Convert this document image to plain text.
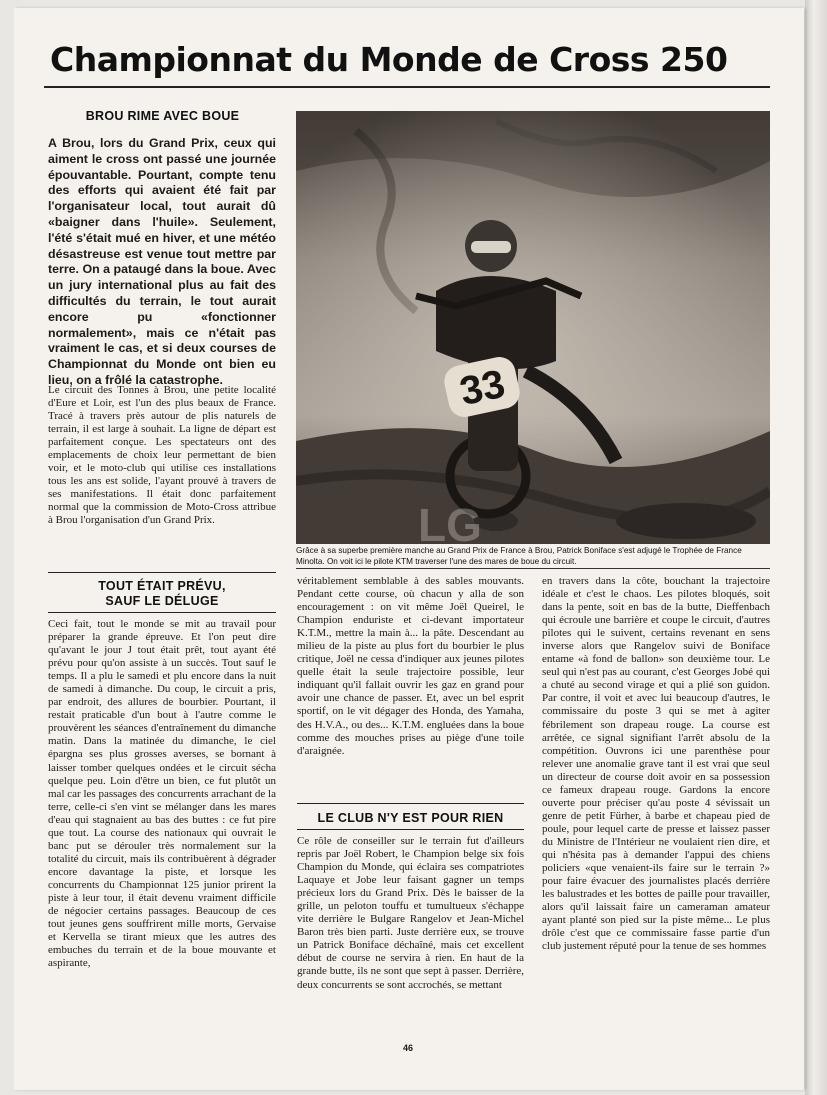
Championnat du Monde de Cross 250
BROU RIME AVEC BOUE

A Brou, lors du Grand Prix, ceux qui aiment le cross ont passé une journée épouvantable. Pourtant, compte tenu des efforts qui avaient été fait par l'organisateur local, tout aurait dû «baigner dans l'huile». Seulement, l'été s'était mué en hiver, et une météo désastreuse est venue tout mettre par terre. On a pataugé dans la boue. Avec un jury international plus au fait des difficultés du terrain, le tout aurait encore pu «fonctionner normalement», mais ce n'était pas vraiment le cas, et si deux courses de Championnat du Monde ont bien eu lieu, on a frôlé la catastrophe.

Le circuit des Tonnes à Brou, une petite localité d'Eure et Loir, est l'un des plus beaux de France. Tracé à travers près autour de plis naturels de terrain, il est large à souhait. La ligne de départ est parfaitement conçue. Les spectateurs ont des emplacements de choix leur permettant de bien voir, et le moto-club qui utilise ces installations tous les ans est solide, l'ayant prouvé à travers de ses manifestations. Il était donc parfaitement normal que la commission de Moto-Cross attribue à Brou l'organisation d'un Grand Prix.

33
LG

Grâce à sa superbe première manche au Grand Prix de France à Brou, Patrick Boniface s'est adjugé le Trophée de France Minolta. On voit ici le pilote KTM traverser l'une des mares de boue du circuit.

TOUT ÉTAIT PRÉVU,
SAUF LE DÉLUGE

Ceci fait, tout le monde se mit au travail pour préparer la grande épreuve. Et l'on peut dire qu'avant le jour J tout était prêt, tout ayant été prévu pour qu'on assiste à un succès. Tout sauf le temps. Il a plu le samedi et plu encore dans la nuit de samedi à dimanche. Du coup, le circuit a pris, par endroit, des allures de bourbier. Pourtant, il restait praticable d'un bout à l'autre comme le prouvèrent les séances d'entraînement du dimanche matin. Dans la matinée du dimanche, le ciel épargna ses plus grosses averses, se bornant à laisser tomber quelques ondées et le circuit sécha quelque peu. Loin d'être un bien, ce fut plutôt un mal car les passages des concurrents arrachant de la terre, celle-ci s'en vint se mélanger dans les mares d'eau qui stagnaient au bas des buttes : ce fut pire que tout. La course des nationaux qui ouvrait le banc put se dérouler très normalement sur la totalité du circuit, mais ils contribuèrent à dégrader encore davantage la piste, et lorsque les concurrents du Championnat 125 junior prirent la piste à leur tour, il était devenu vraiment difficile de négocier certains passages. Beaucoup de ces tout jeunes gens souffrirent mille morts, Gervaise et Kervella se tirant mieux que les autres des embuches du terrain et de la boue mouvante et aspirante,

véritablement semblable à des sables mouvants. Pendant cette course, où chacun y alla de son encouragement : on vit même Joël Queirel, le Champion enduriste et ci-devant importateur K.T.M., mettre la main à... la pâte. Descendant au milieu de la piste au plus fort du bourbier le plus critique, Joël ne cessa d'indiquer aux jeunes pilotes quelle était la seule trajectoire possible, leur indiquant qu'il fallait ouvrir les gaz en grand pour avoir une chance de passer. Et, avec un bel esprit sportif, on le vit dégager des Honda, des Yamaha, des H.V.A., ou des... K.T.M. engluées dans la boue comme des mouches prises au piège d'une toile d'araignée.

LE CLUB N'Y EST POUR RIEN

Ce rôle de conseiller sur le terrain fut d'ailleurs repris par Joël Robert, le Champion belge six fois Champion du Monde, qui éclaira ses compatriotes Laquaye et Jobe leur faisant gagner un temps précieux lors du Grand Prix. Dès le baisser de la grille, un peloton touffu et tumultueux s'échappe vite derrière le Bulgare Rangelov et Jean-Michel Baron très bien parti. Juste derrière eux, se trouve un Patrick Boniface déchaîné, mais cet excellent début de course ne servira à rien. En haut de la grande butte, ils ne sont que sept à passer. Derrière, deux concurrents se sont accrochés, se mettant

en travers dans la côte, bouchant la trajectoire idéale et c'est le chaos. Les pilotes bloqués, soit dans la pente, soit en bas de la butte, Dieffenbach qui écroule une barrière et coupe le circuit, d'autres pilotes qui le suivent, certains revenant en sens inverse alors que Rangelov suivi de Boniface entame «à fond de ballon» son deuxième tour. Le seul qui n'est pas au courant, c'est Georges Jobé qui a chuté au second virage et qui a plié son guidon. Par contre, il voit et avec lui beaucoup d'autres, le commissaire du poste 3 qui se met à agiter fébrilement son drapeau rouge. La course est arrêtée, ce signal signifiant l'arrêt absolu de la compétition. Ouvrons ici une parenthèse pour relever une anomalie grave tant il est vrai que seul un directeur de course doit avoir en sa possession ce fameux drapeau rouge. Gardons la encore ouverte pour préciser qu'au poste 4 sévissait un genre de petit Fürher, à barbe et chapeau pied de poule, pour lequel carte de presse et laissez passer du Ministre de l'Intérieur ne voulaient rien dire, et qui n'hésita pas à demander l'appui des chiens policiers «que venaient-ils faire sur le terrain ?» pour faire évacuer des journalistes placés derrière les balustrades et les bottes de paille pour travailler, alors qu'il laissait faire un cameraman amateur ayant planté son pied sur la piste même... Le plus drôle c'est que ce commissaire fasse partie d'un club justement réputé pour la tenue de ses hommes

46
